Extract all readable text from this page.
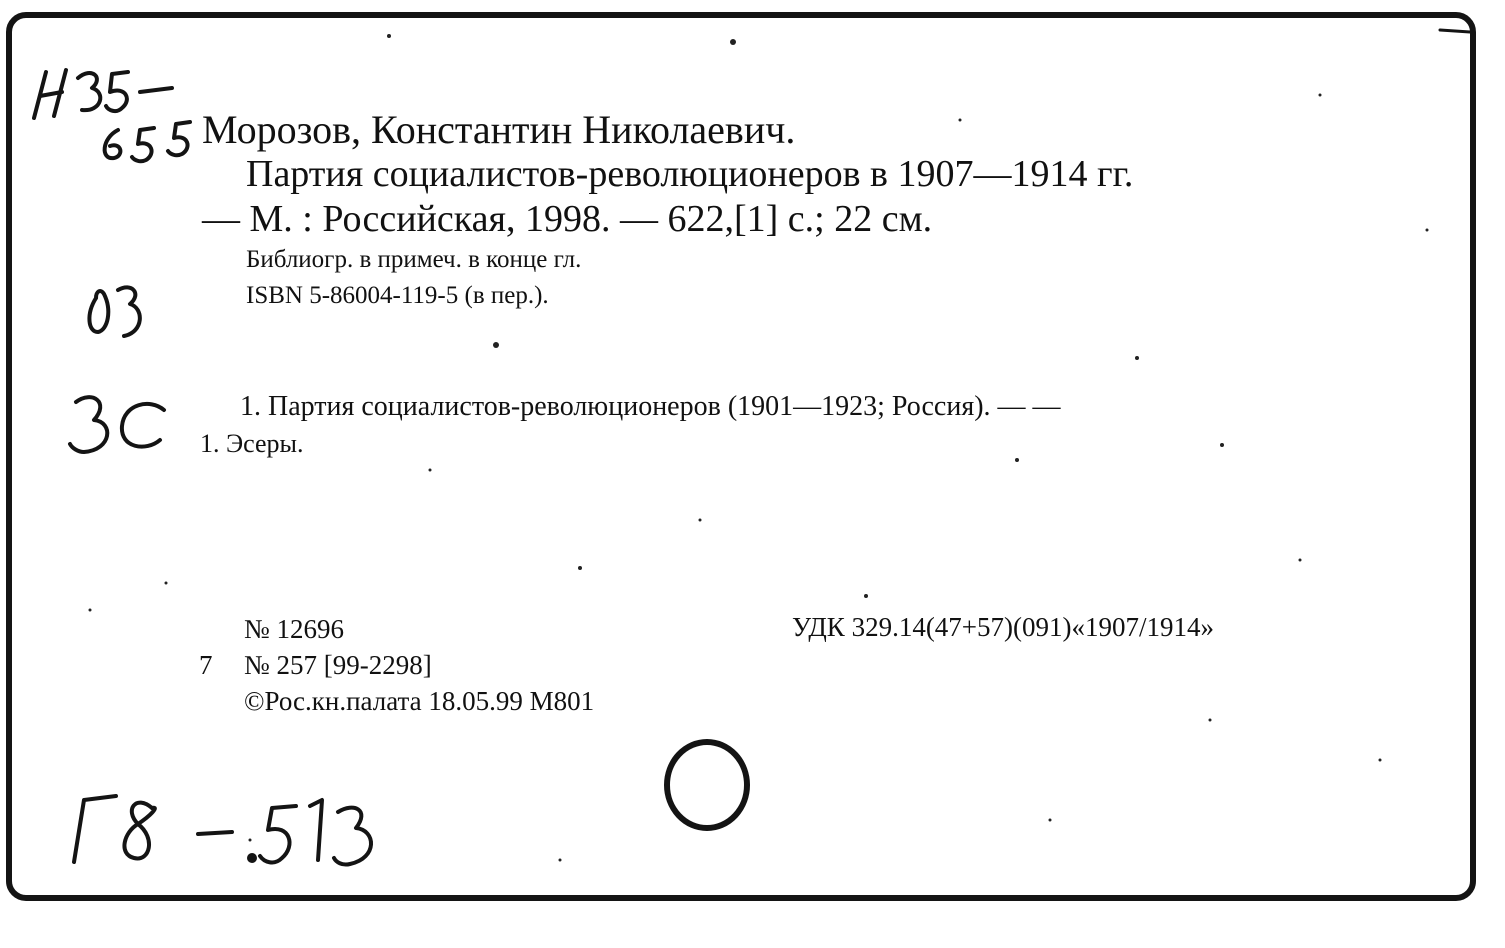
Морозов, Константин Николаевич.
Партия социалистов-революционеров в 1907—1914 гг.
— М. : Российская, 1998. — 622,[1] с.; 22 см.
Библиогр. в примеч. в конце гл.
ISBN 5-86004-119-5 (в пер.).
1. Партия социалистов-революционеров (1901—1923; Россия). — —
1. Эсеры.
№ 12696
7 № 257 [99-2298]
©Рос.кн.палата 18.05.99 М801
УДК 329.14(47+57)(091)«1907/1914»
